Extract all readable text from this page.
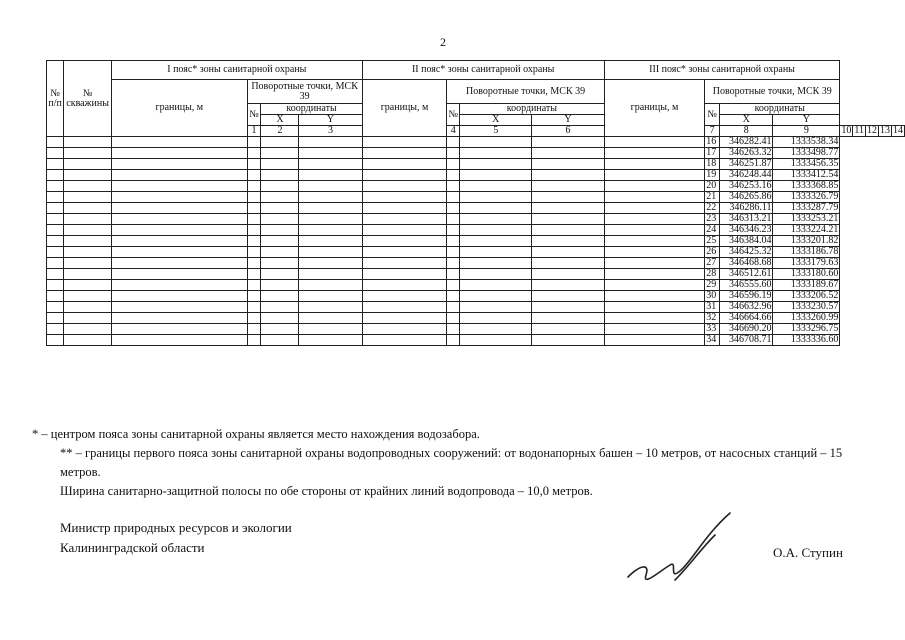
2
№ п/п	№ скважины	I пояс* зоны санитарной охраны				II пояс* зоны санитарной охраны				III пояс* зоны санитарной охраны								
		границы, м	Поворотные точки, МСК 39			границы, м	Поворотные точки, МСК 39			границы, м	Поворотные точки, МСК 39							
			№	координаты			№	координаты			№	координаты						
				X	Y			X	Y			X	Y					
			1	2	3		4	5	6		7	8	9	10	11	12	13	14
											16	346282.41	1333538.34					
											17	346263.32	1333498.77					
											18	346251.87	1333456.35					
											19	346248.44	1333412.54					
											20	346253.16	1333368.85					
											21	346265.86	1333326.79					
											22	346286.11	1333287.79					
											23	346313.21	1333253.21					
											24	346346.23	1333224.21					
											25	346384.04	1333201.82					
											26	346425.32	1333186.78					
											27	346468.68	1333179.63					
											28	346512.61	1333180.60					
											29	346555.60	1333189.67					
											30	346596.19	1333206.52					
											31	346632.96	1333230.57					
											32	346664.66	1333260.99					
											33	346690.20	1333296.75					
											34	346708.71	1333336.60					

* – центром пояса зоны санитарной охраны является место нахождения водозабора.

** – границы первого пояса зоны санитарной охраны водопроводных сооружений: от водонапорных башен – 10 метров, от насосных станций – 15 метров.

Ширина санитарно-защитной полосы по обе стороны от крайних линий водопровода – 10,0 метров.

Министр природных ресурсов и экологии
Калининградской области	О.А. Ступин
